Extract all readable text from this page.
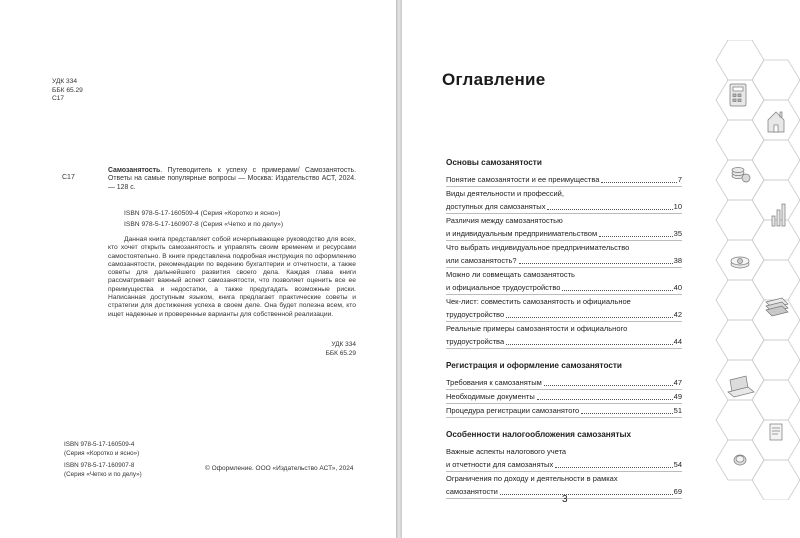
УДК 334
ББК 65.29
С17
С17

Самозанятость. Путеводитель к успеху с примерами/ Самозанятость. Ответы на самые популярные вопросы — Москва: Издательство АСТ, 2024. — 128 с.

ISBN 978-5-17-160509-4 (Серия «Коротко и ясно»)
ISBN 978-5-17-160907-8 (Серия «Четко и по делу»)

Данная книга представляет собой исчерпывающее руководство для всех, кто хочет открыть самозанятость и управлять своим временем и ресурсами самостоятельно. В книге представлена подробная инструкция по оформлению самозанятости, рекомендации по ведению бухгалтерии и отчетности, а также советы для дальнейшего развития своего дела. Каждая глава книги рассматривает важный аспект самозанятости, что позволяет оценить все ее преимущества и недостатки, а также предугадать возможные риски. Написанная доступным языком, книга предлагает практические советы и стратегии для достижения успеха в своем деле. Она будет полезна всем, кто ищет надежные и проверенные варианты для собственной реализации.

УДК 334
ББК 65.29
ISBN 978-5-17-160509-4
(Серия «Коротко и ясно»)
ISBN 978-5-17-160907-8
(Серия «Четко и по делу»)
© Оформление. ООО «Издательство АСТ», 2024
Оглавление
Основы самозанятости
Понятие самозанятости и ее преимущества	7
Виды деятельности и профессий,
доступных для самозанятых	10
Различия между самозанятостью
и индивидуальным предпринимательством	35
Что выбрать индивидуальное предпринимательство
или самозанятость?	38
Можно ли совмещать самозанятость
и официальное трудоустройство	40
Чек-лист: совместить самозанятость и официальное
трудоустройство	42
Реальные примеры самозанятости и официального
трудоустройства	44
Регистрация и оформление самозанятости
Требования к самозанятым	47
Необходимые документы	49
Процедура регистрации самозанятого	51
Особенности налогообложения самозанятых
Важные аспекты налогового учета
и отчетности для самозанятых	54
Ограничения по доходу и деятельности в рамках
самозанятости	69
3
